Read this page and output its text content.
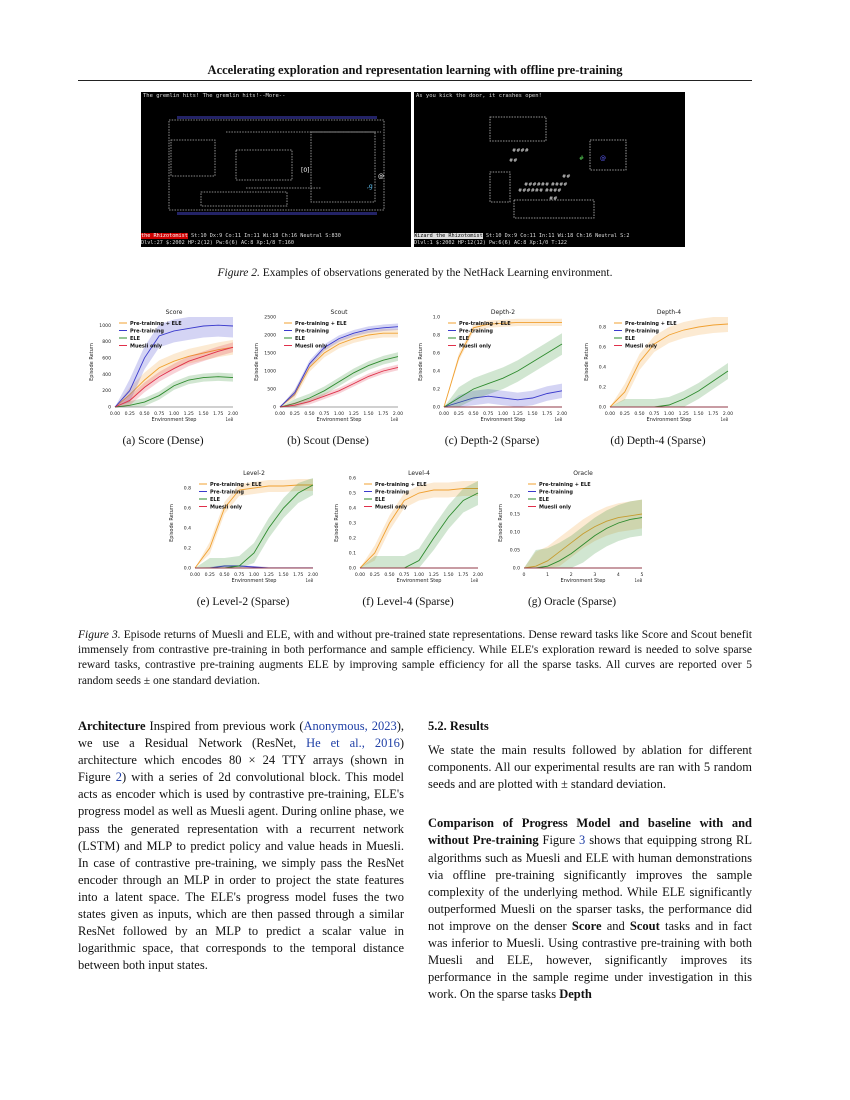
Accelerating exploration and representation learning with offline pre-training
The gremlin hits! The gremlin hits!--More--
@
[0]
,g
the Rhizotomist St:10 Dx:9 Co:11 In:11 Wi:18 Ch:16 Neutral S:830
Dlvl:27 $:2002 HP:2(12) Pw:6(6) AC:8 Xp:1/8 T:160
As you kick the door, it crashes open!
####
##
###### ####
###### ####
##
##
@
#
Wizard the Rhizotomist St:10 Dx:9 Co:11 In:11 Wi:18 Ch:16 Neutral S:2
Dlvl:1 $:2002 HP:12(12) Pw:6(6) AC:8 Xp:1/0 T:122
Figure 2. Examples of observations generated by the NetHack Learning environment.
Score
0.00 0.25 0.50 0.75 1.00 1.25 1.50 1.75 2.00
1e8
Environment Step
0
200
400
600
800
1000
Episode Return
Pre-training + ELE
Pre-training
ELE
Muesli only
(a) Score (Dense)
Scout
0.00 0.25 0.50 0.75 1.00 1.25 1.50 1.75 2.00
1e8
Environment Step
0
500
1000
1500
2000
2500
Episode Return
Pre-training + ELE
Pre-training
ELE
Muesli only
(b) Scout (Dense)
Depth-2
0.00 0.25 0.50 0.75 1.00 1.25 1.50 1.75 2.00
1e8
Environment Step
0.0
0.2
0.4
0.6
0.8
1.0
Episode Return
Pre-training + ELE
Pre-training
ELE
Muesli only
(c) Depth-2 (Sparse)
Depth-4
0.00 0.25 0.50 0.75 1.00 1.25 1.50 1.75 2.00
1e8
Environment Step
0.0
0.2
0.4
0.6
0.8
Episode Return
Pre-training + ELE
Pre-training
ELE
Muesli only
(d) Depth-4 (Sparse)
Level-2
0.00 0.25 0.50 0.75 1.00 1.25 1.50 1.75 2.00
1e8
Environment Step
0.0
0.2
0.4
0.6
0.8
Episode Return
Pre-training + ELE
Pre-training
ELE
Muesli only
(e) Level-2 (Sparse)
Level-4
0.00 0.25 0.50 0.75 1.00 1.25 1.50 1.75 2.00
1e8
Environment Step
0.0
0.1
0.2
0.3
0.4
0.5
0.6
Episode Return
Pre-training + ELE
Pre-training
ELE
Muesli only
(f) Level-4 (Sparse)
Oracle
0	1	2	3	4	5
1e8
Environment Step
0.0
0.05
0.10
0.15
0.20
Episode Return
Pre-training + ELE
Pre-training
ELE
Muesli only
(g) Oracle (Sparse)
Figure 3. Episode returns of Muesli and ELE, with and without pre-trained state representations. Dense reward tasks like Score and Scout benefit immensely from contrastive pre-training in both performance and sample efficiency. While ELE's exploration reward is needed to solve sparse reward tasks, contrastive pre-training augments ELE by improving sample efficiency for all the sparse tasks. All curves are reported over 5 random seeds ± one standard deviation.
Architecture Inspired from previous work (Anonymous, 2023), we use a Residual Network (ResNet, He et al., 2016) architecture which encodes 80 × 24 TTY arrays (shown in Figure 2) with a series of 2d convolutional block. This model acts as encoder which is used by contrastive pre-training, ELE's progress model as well as Muesli agent. During online phase, we pass the generated representation with a recurrent network (LSTM) and MLP to predict policy and value heads in Muesli. In case of contrastive pre-training, we simply pass the ResNet encoder through an MLP in order to project the state features into a latent space. The ELE's progress model fuses the two states given as inputs, which are then passed through a similar ResNet followed by an MLP to predict a scalar value in logarithmic space, that corresponds to the temporal distance between both input states.
5.2. Results

We state the main results followed by ablation for different components. All our experimental results are ran with 5 random seeds and are plotted with ± standard deviation.

Comparison of Progress Model and baseline with and without Pre-training Figure 3 shows that equipping strong RL algorithms such as Muesli and ELE with human demonstrations via offline pre-training significantly improves the sample complexity of the underlying method. While ELE significantly outperformed Muesli on the sparser tasks, the performance did not improve on the denser Score and Scout tasks and in fact was inferior to Muesli. Using contrastive pre-training with both Muesli and ELE, however, significantly improves its performance in the sample regime under investigation in this work. On the sparse tasks Depth
